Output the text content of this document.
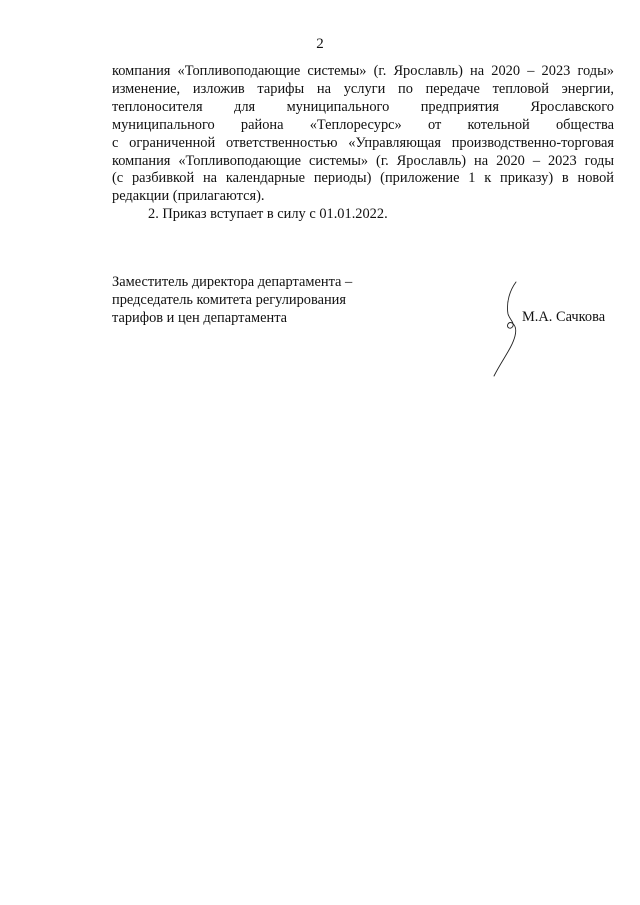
2
компания «Топливоподающие системы» (г. Ярославль) на 2020 – 2023 годы»
изменение, изложив тарифы на услуги по передаче тепловой энергии,
теплоносителя для муниципального предприятия Ярославского
муниципального района «Теплоресурс» от котельной общества
с ограниченной ответственностью «Управляющая производственно-торговая
компания «Топливоподающие системы» (г. Ярославль) на 2020 – 2023 годы
(с разбивкой на календарные периоды) (приложение 1 к приказу) в новой
редакции (прилагаются).

2. Приказ вступает в силу с 01.01.2022.

Заместитель директора департамента –
председатель комитета регулирования
тарифов и цен департамента	М.А. Сачкова
